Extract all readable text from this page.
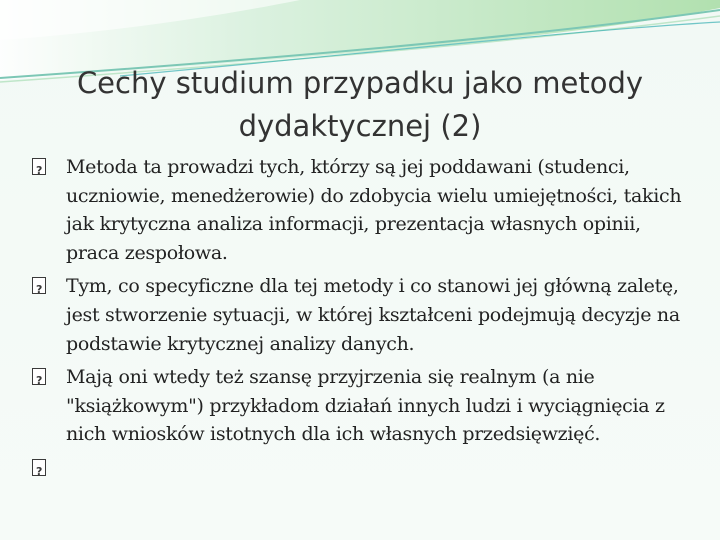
Cechy studium przypadku jako metody dydaktycznej (2)
?
Metoda ta prowadzi tych, którzy są jej poddawani (studenci, uczniowie, menedżerowie) do zdobycia wielu umiejętności, takich jak krytyczna analiza informacji, prezentacja własnych opinii, praca zespołowa.
?
Tym, co specyficzne dla tej metody i co stanowi jej główną zaletę, jest stworzenie sytuacji, w której kształceni podejmują decyzje na podstawie krytycznej analizy danych.
?
Mają oni wtedy też szansę przyjrzenia się realnym (a nie "książkowym") przykładom działań innych ludzi i wyciągnięcia z nich wniosków istotnych dla ich własnych przedsięwzięć.
?
